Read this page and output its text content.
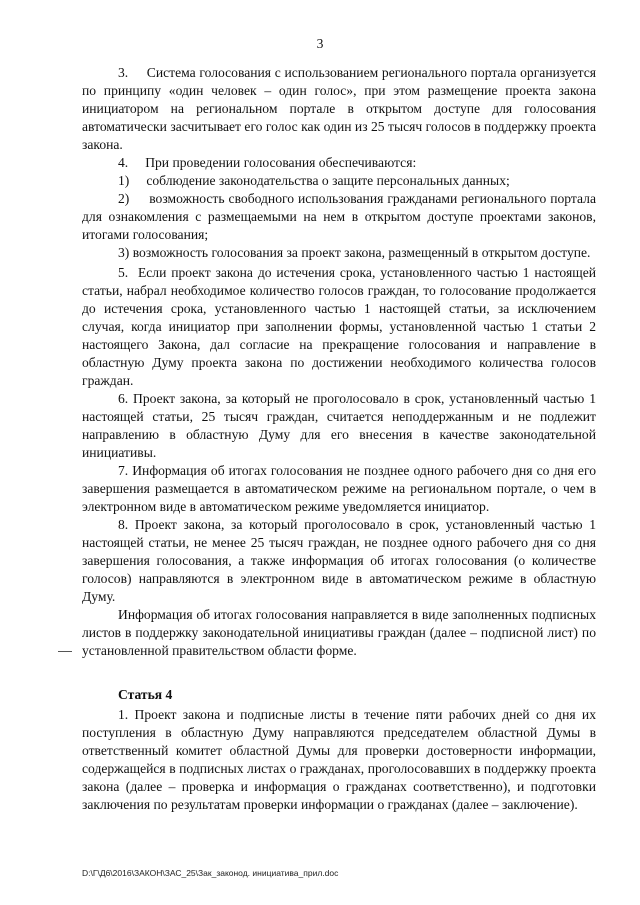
3

3.     Система голосования с использованием регионального портала организуется по принципу «один человек – один голос», при этом размещение проекта закона инициатором на региональном портале в открытом доступе для голосования автоматически засчитывает его голос как один из 25 тысяч голосов в поддержку проекта закона.

4.     При проведении голосования обеспечиваются:

1)     соблюдение законодательства о защите персональных данных;

2)     возможность свободного использования гражданами регионального портала для ознакомления с размещаемыми на нем в открытом доступе проектами законов, итогами голосования;

3) возможность голосования за проект закона, размещенный в открытом доступе.

5.  Если проект закона до истечения срока, установленного частью 1 настоящей статьи, набрал необходимое количество голосов граждан, то голосование продолжается до истечения срока, установленного частью 1 настоящей статьи, за исключением случая, когда инициатор при заполнении формы, установленной частью 1 статьи 2 настоящего Закона, дал согласие на прекращение голосования и направление в областную Думу проекта закона по достижении необходимого количества голосов граждан.

6. Проект закона, за который не проголосовало в срок, установленный частью 1 настоящей статьи, 25 тысяч граждан, считается неподдержанным и не подлежит направлению в областную Думу для его внесения в качестве законодательной инициативы.

7. Информация об итогах голосования не позднее одного рабочего дня со дня его завершения размещается в автоматическом режиме на региональном портале, о чем в электронном виде в автоматическом режиме уведомляется инициатор.

8. Проект закона, за который проголосовало в срок, установленный частью 1 настоящей статьи, не менее 25 тысяч граждан, не позднее одного рабочего дня со дня завершения голосования, а также информация об итогах голосования (о количестве голосов) направляются в электронном виде в автоматическом режиме в областную Думу.

Информация об итогах голосования направляется в виде заполненных подписных листов в поддержку законодательной инициативы граждан (далее – подписной лист) по установленной правительством области форме.

Статья 4

1. Проект закона и подписные листы в течение пяти рабочих дней со дня их поступления в областную Думу направляются председателем областной Думы в ответственный комитет областной Думы для проверки достоверности информации, содержащейся в подписных листах о гражданах, проголосовавших в поддержку проекта закона (далее – проверка и информация о гражданах соответственно), и подготовки заключения по результатам проверки информации о гражданах (далее – заключение).

D:\Г\Д6\2016\ЗАКОН\ЗАС_25\Зак_законод. инициатива_прил.doc
